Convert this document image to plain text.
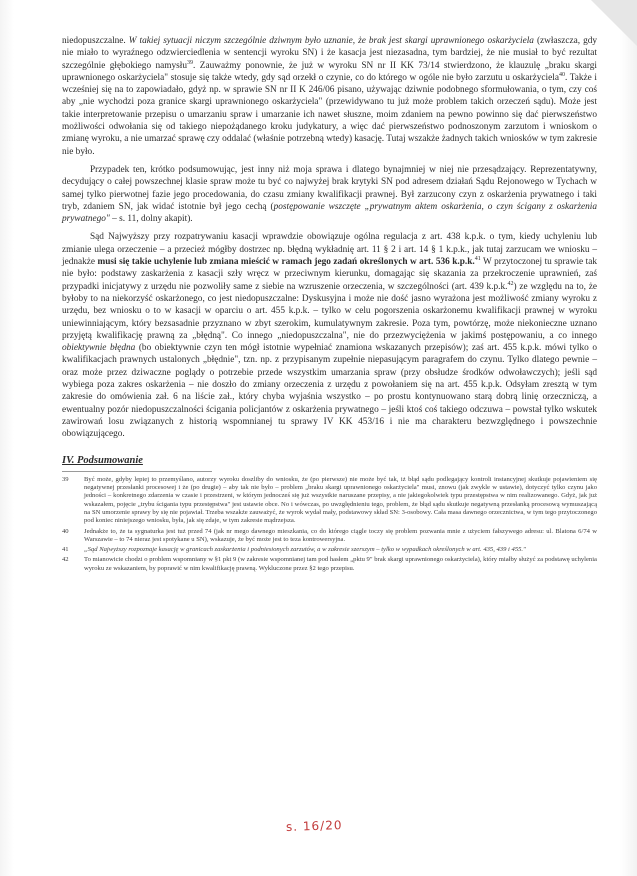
niedopuszczalne. W takiej sytuacji niczym szczególnie dziwnym było uznanie, że brak jest skargi uprawnionego oskarżyciela (zwłaszcza, gdy nie miało to wyraźnego odzwierciedlenia w sentencji wyroku SN) i że kasacja jest niezasadna, tym bardziej, że nie musiał to być rezultat szczególnie głębokiego namysłu$^{39}$. Zauważmy ponownie, że już w wyroku SN nr II KK 73/14 stwierdzono, że klauzulę „braku skargi uprawnionego oskarżyciela" stosuje się także wtedy, gdy sąd orzekł o czynie, co do którego w ogóle nie było zarzutu u oskarżyciela$^{40}$. Także i wcześniej się na to zapowiadało, gdyż np. w sprawie SN nr II K 246/06 pisano, używając dziwnie podobnego sformułowania, o tym, czy coś aby „nie wychodzi poza granice skargi uprawnionego oskarżyciela" (przewidywano tu już może problem takich orzeczeń sądu). Może jest takie interpretowanie przepisu o umarzaniu spraw i umarzanie ich nawet słuszne, moim zdaniem na pewno powinno się dać pierwszeństwo możliwości odwołania się od takiego niepożądanego kroku judykatury, a więc dać pierwszeństwo podnoszonym zarzutom i wnioskom o zmianę wyroku, a nie umarzać sprawę czy oddalać (właśnie potrzebną wtedy) kasację. Tutaj wszakże żadnych takich wniosków w tym zakresie nie było.

Przypadek ten, krótko podsumowując, jest inny niż moja sprawa i dlatego bynajmniej w niej nie przesądzający. Reprezentatywny, decydujący o całej powszechnej klasie spraw może tu być co najwyżej brak krytyki SN pod adresem działań Sądu Rejonowego w Tychach w samej tylko pierwotnej fazie jego procedowania, do czasu zmiany kwalifikacji prawnej. Był zarzucony czyn z oskarżenia prywatnego i taki tryb, zdaniem SN, jak widać istotnie był jego cechą (postępowanie wszczęte „prywatnym aktem oskarżenia, o czyn ścigany z oskarżenia prywatnego" – s. 11, dolny akapit).

Sąd Najwyższy przy rozpatrywaniu kasacji wprawdzie obowiązuje ogólna regulacja z art. 438 k.p.k. o tym, kiedy uchyleniu lub zmianie ulega orzeczenie – a przecież mógłby dostrzec np. błędną wykładnię art. 11 § 2 i art. 14 § 1 k.p.k., jak tutaj zarzucam we wniosku – jednakże musi się takie uchylenie lub zmiana mieścić w ramach jego zadań określonych w art. 536 k.p.k.$^{41}$ W przytoczonej tu sprawie tak nie było: podstawy zaskarżenia z kasacji szły wręcz w przeciwnym kierunku, domagając się skazania za przekroczenie uprawnień, zaś przypadki inicjatywy z urzędu nie pozwoliły same z siebie na wzruszenie orzeczenia, w szczególności (art. 439 k.p.k.$^{42}$) ze względu na to, że byłoby to na niekorzyść oskarżonego, co jest niedopuszczalne: Dyskusyjna i może nie dość jasno wyrażona jest możliwość zmiany wyroku z urzędu, bez wniosku o to w kasacji w oparciu o art. 455 k.p.k. – tylko w celu pogorszenia oskarżonemu kwalifikacji prawnej w wyroku uniewinniającym, który bezsasadnie przyznano w zbyt szerokim, kumulatywnym zakresie. Poza tym, powtórzę, może niekonieczne uznano przyjętą kwalifikację prawną za „błędną". Co innego „niedopuszczalna", nie do przezwyciężenia w jakimś postępowaniu, a co innego obiektywnie błędna (bo obiektywnie czyn ten mógł istotnie wypełniać znamiona wskazanych przepisów); zaś art. 455 k.p.k. mówi tylko o kwalifikacjach prawnych ustalonych „błędnie", tzn. np. z przypisanym zupełnie niepasującym paragrafem do czynu. Tylko dlatego pewnie – oraz może przez dziwaczne poglądy o potrzebie przede wszystkim umarzania spraw (przy obsłudze środków odwoławczych); jeśli sąd wybiega poza zakres oskarżenia – nie doszło do zmiany orzeczenia z urzędu z powołaniem się na art. 455 k.p.k. Odsyłam zresztą w tym zakresie do omówienia zał. 6 na liście zał., który chyba wyjaśnia wszystko – po prostu kontynuowano starą dobrą linię orzeczniczą, a ewentualny pozór niedopuszczalności ścigania policjantów z oskarżenia prywatnego – jeśli ktoś coś takiego odczuwa – powstał tylko wskutek zawirowań losu związanych z historią wspomnianej tu sprawy IV KK 453/16 i nie ma charakteru bezwzględnego i powszechnie obowiązującego.

IV. Podsumowanie
39	Być może, gdyby lepiej to przemyślano, autorzy wyroku doszliby do wniosku, że (po pierwsze) nie może być tak, iż błąd sądu podlegający kontroli instancyjnej skutkuje pojawieniem się negatywnej przesłanki procesowej i że (po drugie) – aby tak nie było – problem „braku skargi uprawnionego oskarżyciela" musi, znowu (jak zwykle w ustawie), dotyczyć tylko czynu jako jedności – konkretnego zdarzenia w czasie i przestrzeni, w którym jednocześ się już wszystkie naruszane przepisy, a nie jakiegokolwiek typu przestępstwa w nim realizowanego. Gdyż, jak już wskazałem, pojęcie „trybu ścigania typu przestępstwa" jest ustawie obce. No i wówczas, po uwzględnieniu tego, problem, że błąd sądu skutkuje negatywną przesłanką procesową wymuszającą na SN umorzenie sprawy by się nie pojawiał. Trzeba wszakże zauważyć, że wyrok wydał mały, podstawowy skład SN: 3-osobowy. Cała masa dawnego orzecznictwa, w tym tego przytoczonego pod koniec niniejszego wniosku, była, jak się zdaje, w tym zakresie mądrzejsza.
40	Jednakże to, że ta sygnaturka jest tuż przed 74 (jak nr mego dawnego mieszkania, co do którego ciągle toczy się problem pozwania mnie z użyciem fałszywego adresu: ul. Blatona 6/74 w Warszawie – to 74 nieraz jest spotykane u SN), wskazuje, że być może jest to teza kontrowersyjna.
41	„Sąd Najwyższy rozpoznaje kasację w granicach zaskarżenia i podniesionych zarzutów, a w zakresie szerszym – tylko w wypadkach określonych w art. 435, 439 i 455."
42	To mianowicie chodzi o problem wspomniany w §1 pkt 9 (w zakresie wspomnianej tam pod hasłem „pktu 9" brak skargi uprawnionego oskarżyciela), który miałby służyć za podstawę uchylenia wyroku ze wskazaniem, by poprawić w nim kwalifikację prawną. Wykluczone przez §2 tego przepisu.
s. 16/20
